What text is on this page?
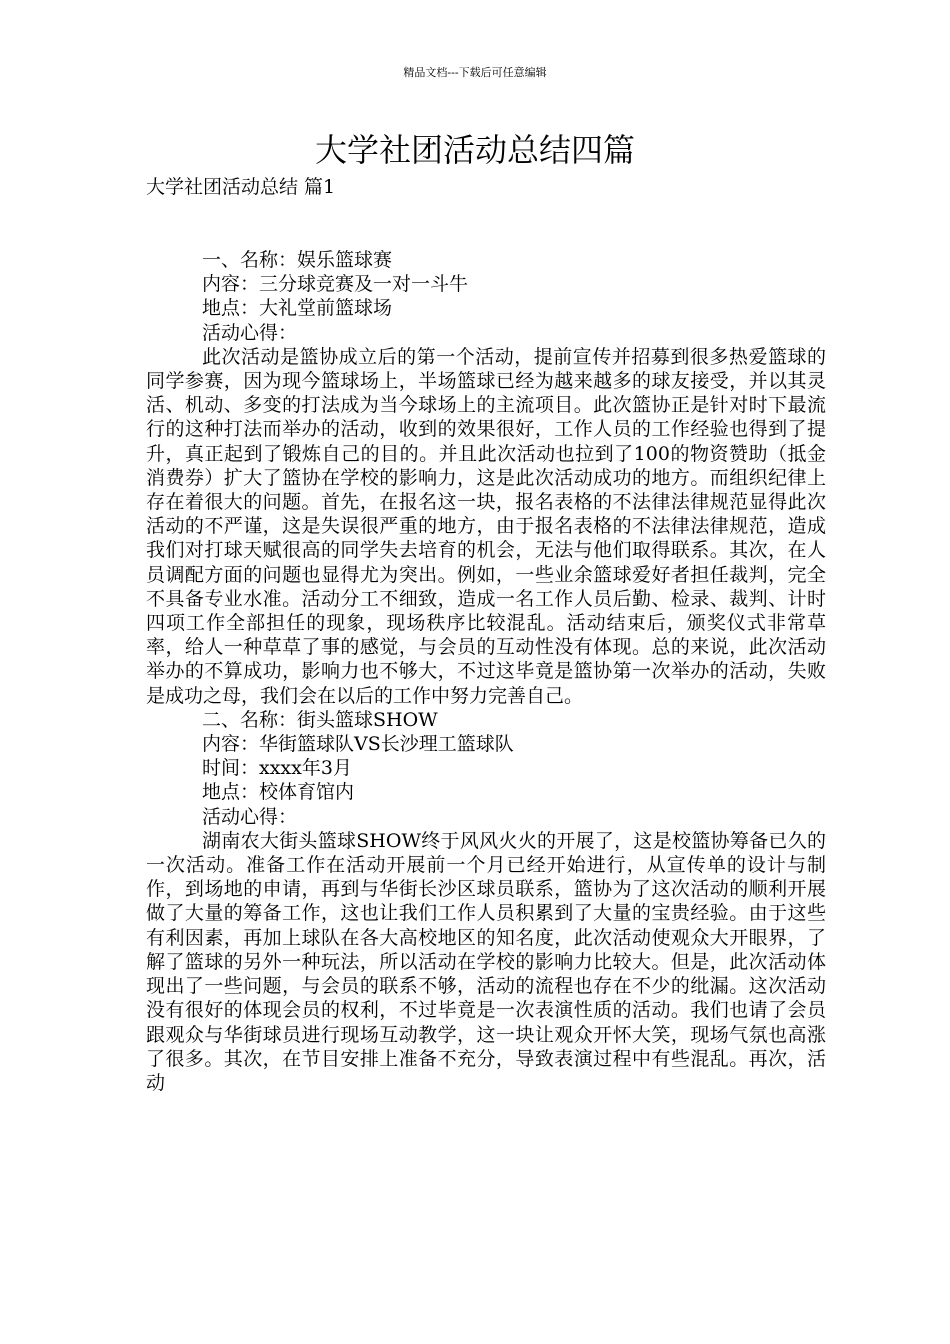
精品文档---下载后可任意编辑
大学社团活动总结四篇
大学社团活动总结 篇1

一、名称：娱乐篮球赛

内容：三分球竞赛及一对一斗牛

地点：大礼堂前篮球场

活动心得：

此次活动是篮协成立后的第一个活动，提前宣传并招募到很多热爱篮球的同学参赛，因为现今篮球场上，半场篮球已经为越来越多的球友接受，并以其灵活、机动、多变的打法成为当今球场上的主流项目。此次篮协正是针对时下最流行的这种打法而举办的活动，收到的效果很好，工作人员的工作经验也得到了提升，真正起到了锻炼自己的目的。并且此次活动也拉到了100的物资赞助（抵金消费券）扩大了篮协在学校的影响力，这是此次活动成功的地方。而组织纪律上存在着很大的问题。首先，在报名这一块，报名表格的不法律法律规范显得此次活动的不严谨，这是失误很严重的地方，由于报名表格的不法律法律规范，造成我们对打球天赋很高的同学失去培育的机会，无法与他们取得联系。其次，在人员调配方面的问题也显得尤为突出。例如，一些业余篮球爱好者担任裁判，完全不具备专业水准。活动分工不细致，造成一名工作人员后勤、检录、裁判、计时四项工作全部担任的现象，现场秩序比较混乱。活动结束后，颁奖仪式非常草率，给人一种草草了事的感觉，与会员的互动性没有体现。总的来说，此次活动举办的不算成功，影响力也不够大，不过这毕竟是篮协第一次举办的活动，失败是成功之母，我们会在以后的工作中努力完善自己。

二、名称：街头篮球SHOW

内容：华街篮球队VS长沙理工篮球队

时间：xxxx年3月

地点：校体育馆内

活动心得：

湖南农大街头篮球SHOW终于风风火火的开展了，这是校篮协筹备已久的一次活动。准备工作在活动开展前一个月已经开始进行，从宣传单的设计与制作，到场地的申请，再到与华街长沙区球员联系，篮协为了这次活动的顺利开展做了大量的筹备工作，这也让我们工作人员积累到了大量的宝贵经验。由于这些有利因素，再加上球队在各大高校地区的知名度，此次活动使观众大开眼界，了解了篮球的另外一种玩法，所以活动在学校的影响力比较大。但是，此次活动体现出了一些问题，与会员的联系不够，活动的流程也存在不少的纰漏。这次活动没有很好的体现会员的权利，不过毕竟是一次表演性质的活动。我们也请了会员跟观众与华街球员进行现场互动教学，这一块让观众开怀大笑，现场气氛也高涨了很多。其次，在节目安排上准备不充分，导致表演过程中有些混乱。再次，活动
